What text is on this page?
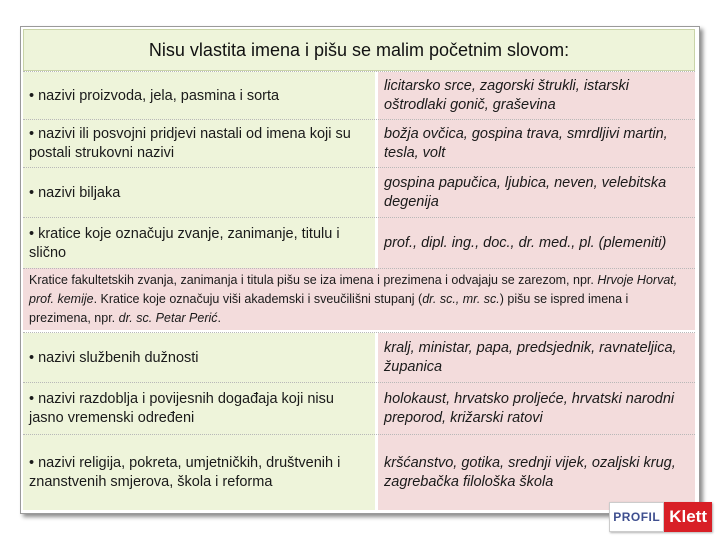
Nisu vlastita imena i pišu se malim početnim slovom:
• nazivi proizvoda, jela, pasmina i sorta
licitarsko srce, zagorski štrukli, istarski oštrodlaki gonič, graševina
• nazivi ili posvojni pridjevi nastali od imena koji su postali strukovni nazivi
božja ovčica, gospina trava, smrdljivi martin, tesla, volt
• nazivi biljaka
gospina papučica, ljubica, neven, velebitska degenija
• kratice koje označuju zvanje, zanimanje, titulu i slično
prof., dipl. ing., doc., dr. med., pl. (plemeniti)
Kratice fakultetskih zvanja, zanimanja i titula pišu se iza imena i prezimena i odvajaju se zarezom, npr. Hrvoje Horvat, prof. kemije. Kratice koje označuju viši akademski i sveučilišni stupanj (dr. sc., mr. sc.) pišu se ispred imena i prezimena, npr. dr. sc. Petar Perić.
• nazivi službenih dužnosti
kralj, ministar, papa, predsjednik, ravnateljica, županica
• nazivi razdoblja i povijesnih događaja koji nisu jasno vremenski određeni
holokaust, hrvatsko proljeće, hrvatski narodni preporod, križarski ratovi
• nazivi religija, pokreta, umjetničkih, društvenih i znanstvenih smjerova, škola i reforma
kršćanstvo, gotika, srednji vijek, ozaljski krug, zagrebačka filološka škola
PROFIL Klett
